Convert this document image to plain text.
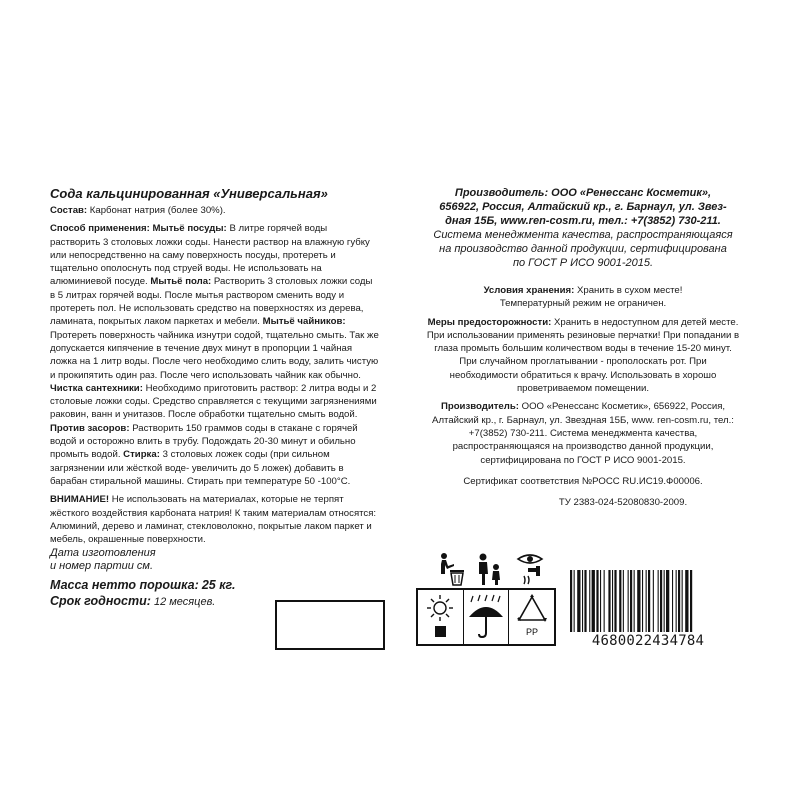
Сода кальцинированная «Универсальная»

Состав: Карбонат натрия (более 30%).

Способ применения: Мытьё посуды: В литре горячей воды растворить 3 столовых ложки соды. Нанести раствор на влажную губку или непосредственно на саму поверхность посуды, протереть и тщательно ополоснуть под струей воды. Не использовать на алюминиевой посуде. Мытьё пола: Растворить 3 столовых ложки соды в 5 литрах горячей воды. После мытья раствором сменить воду и протереть пол. Не использовать средство на поверхностях из дерева, ламината, покрытых лаком паркетах и мебели. Мытьё чайников: Протереть поверхность чайника изнутри содой, тщательно смыть. Так же допускается кипячение в течение двух минут в пропорции 1 чайная ложка на 1 литр воды. После чего необходимо слить воду, залить чистую и прокипятить один раз. После чего использовать чайник как обычно. Чистка сантехники: Необходимо приготовить раствор: 2 литра воды и 2 столовые ложки соды. Средство справляется с текущими загрязнениями раковин, ванн и унитазов. После обработки тщательно смыть водой. Против засоров: Растворить 150 граммов соды в стакане с горячей водой и осторожно влить в трубу. Подождать 20-30 минут и обильно промыть водой. Стирка: 3 столовых ложек соды (при сильном загрязнении или жёсткой воде- увеличить до 5 ложек) добавить в барабан стиральной машины. Стирать при температуре 50 -100°С.

ВНИМАНИЕ! Не использовать на материалах, которые не терпят жёсткого воздействия карбоната натрия! К таким материалам относятся: Алюминий, дерево и ламинат, стекловолокно, покрытые лаком паркет и мебель, окрашенные поверхности.

Дата изготовления
и номер партии см.
Масса нетто порошка: 25 кг.
Срок годности: 12 месяцев.
Производитель: ООО «Ренессанс Косметик»,
656922, Россия, Алтайский кр., г. Барнаул, ул. Звез-
дная 15Б, www.ren-cosm.ru, тел.: +7(3852) 730-211.
Система менеджмента качества, распространяющаяся
на производство данной продукции, сертифицирована
по ГОСТ Р ИСО 9001-2015.

Условия хранения: Хранить в сухом месте!
Температурный режим не ограничен.

Меры предосторожности: Хранить в недоступном для детей месте. При использовании применять резиновые перчатки! При попадании в глаза промыть большим количеством воды в течение 15-20 минут. При случайном проглатывании - прополоскать рот. При необходимости обратиться к врачу. Использовать в хорошо проветриваемом помещении.

Производитель: ООО «Ренессанс Косметик», 656922, Россия, Алтайский кр., г. Барнаул, ул. Звездная 15Б, www. ren-cosm.ru, тел.: +7(3852) 730-211. Система менеджмента качества, распространяющаяся на производство данной продукции, сертифицирована по ГОСТ Р ИСО 9001-2015.

Сертификат соответствия №РОСС RU.ИС19.Ф00006.

ТУ 2383-024-52080830-2009.

PP
4680022434784
